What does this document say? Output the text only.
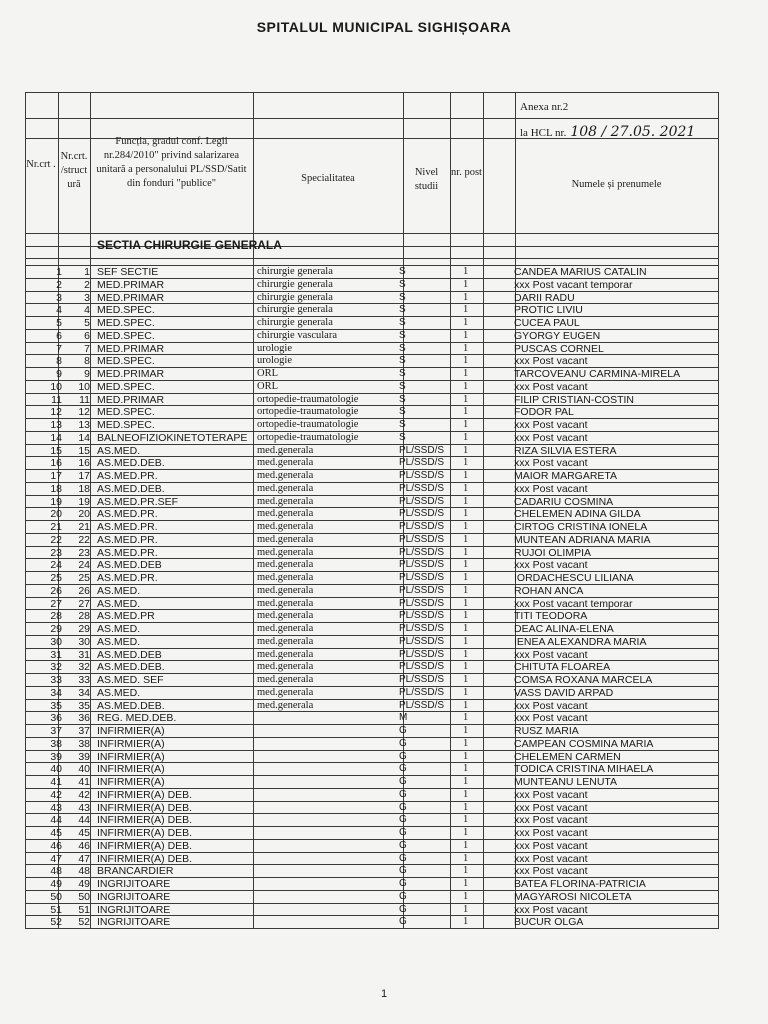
SPITALUL MUNICIPAL SIGHIȘOARA
Anexa nr.2
la HCL nr. 108 / 27.05. 2021
Nr.crt .
Nr.crt. /struct ură
Funcția, gradul conf. Legii nr.284/2010" privind salarizarea unitară a personalului PL/SSD/Satit din fonduri "publice"	Specialitatea
Nivel studii
nr. post
Numele și prenumele
SECTIA CHIRURGIE GENERALA
1	1 SEF SECTIE	chirurgie generala	S	1	CANDEA MARIUS CATALIN
2	2 MED.PRIMAR	chirurgie generala	S	1	xxx Post vacant temporar
3	3 MED.PRIMAR	chirurgie generala	S	1	DARII RADU
4	4 MED.SPEC.	chirurgie generala	S	1	PROTIC LIVIU
5	5 MED.SPEC.	chirurgie generala	S	1	CUCEA PAUL
6	6 MED.SPEC.	chirurgie vasculara	S	1	GYORGY EUGEN
7	7 MED.PRIMAR	urologie	S	1	PUSCAS CORNEL
8	8 MED.SPEC.	urologie	S	1	xxx Post vacant
9	9 MED.PRIMAR	ORL	S	1	TARCOVEANU CARMINA-MIRELA
10	10 MED.SPEC.	ORL	S	1	xxx Post vacant
11	11 MED.PRIMAR	ortopedie-traumatologie	S	1	FILIP CRISTIAN-COSTIN
12	12 MED.SPEC.	ortopedie-traumatologie	S	1	FODOR PAL
13	13 MED.SPEC.	ortopedie-traumatologie	S	1	xxx Post vacant
14	14 BALNEOFIZIOKINETOTERAPE ortopedie-traumatologie	S	1	xxx Post vacant
15	15 AS.MED.	med.generala	PL/SSD/S 1	RIZA SILVIA ESTERA
16	16 AS.MED.DEB.	med.generala	PL/SSD/S 1	xxx Post vacant
17	17 AS.MED.PR.	med.generala	PL/SSD/S 1	MAIOR MARGARETA
18	18 AS.MED.DEB.	med.generala	PL/SSD/S 1	xxx Post vacant
19	19 AS.MED.PR.SEF	med.generala	PL/SSD/S 1	CADARIU COSMINA
20	20 AS.MED.PR.	med.generala	PL/SSD/S 1	CHELEMEN ADINA GILDA
21	21 AS.MED.PR.	med.generala	PL/SSD/S 1	CIRTOG CRISTINA IONELA
22	22 AS.MED.PR.	med.generala	PL/SSD/S 1	MUNTEAN ADRIANA MARIA
23	23 AS.MED.PR.	med.generala	PL/SSD/S 1	RUJOI OLIMPIA
24	24 AS.MED.DEB	med.generala	PL/SSD/S 1	xxx Post vacant
25	25 AS.MED.PR.	med.generala	PL/SSD/S 1	IORDACHESCU LILIANA
26	26 AS.MED.	med.generala	PL/SSD/S 1	ROHAN ANCA
27	27 AS.MED.	med.generala	PL/SSD/S 1	xxx Post vacant temporar
28	28 AS.MED.PR	med.generala	PL/SSD/S 1	TITI TEODORA
29	29 AS.MED.	med.generala	PL/SSD/S 1	DEAC ALINA-ELENA
30	30 AS.MED.	med.generala	PL/SSD/S 1	IENEA ALEXANDRA MARIA
31	31 AS.MED.DEB	med.generala	PL/SSD/S 1	xxx Post vacant
32	32 AS.MED.DEB.	med.generala	PL/SSD/S 1	CHITUTA FLOAREA
33	33 AS.MED. SEF	med.generala	PL/SSD/S 1	COMSA ROXANA MARCELA
34	34 AS.MED.	med.generala	PL/SSD/S 1	VASS DAVID ARPAD
35	35 AS.MED.DEB.	med.generala	PL/SSD/S 1	xxx Post vacant
36	36 REG. MED.DEB.	M	1	xxx Post vacant
37	37 INFIRMIER(A)	G	1	RUSZ MARIA
38	38 INFIRMIER(A)	G	1	CAMPEAN COSMINA MARIA
39	39 INFIRMIER(A)	G	1	CHELEMEN CARMEN
40	40 INFIRMIER(A)	G	1	TODICA CRISTINA MIHAELA
41	41 INFIRMIER(A)	G	1	MUNTEANU LENUTA
42	42 INFIRMIER(A) DEB.	G	1	xxx Post vacant
43	43 INFIRMIER(A) DEB.	G	1	xxx Post vacant
44	44 INFIRMIER(A) DEB.	G	1	xxx Post vacant
45	45 INFIRMIER(A) DEB.	G	1	xxx Post vacant
46	46 INFIRMIER(A) DEB.	G	1	xxx Post vacant
47	47 INFIRMIER(A) DEB.	G	1	xxx Post vacant
48	48 BRANCARDIER	G	1	xxx Post vacant
49	49 INGRIJITOARE	G	1	BATEA FLORINA-PATRICIA
50	50 INGRIJITOARE	G	1	MAGYAROSI NICOLETA
51	51 INGRIJITOARE	G	1	xxx Post vacant
52	52 INGRIJITOARE	G	1	BUCUR OLGA
1
